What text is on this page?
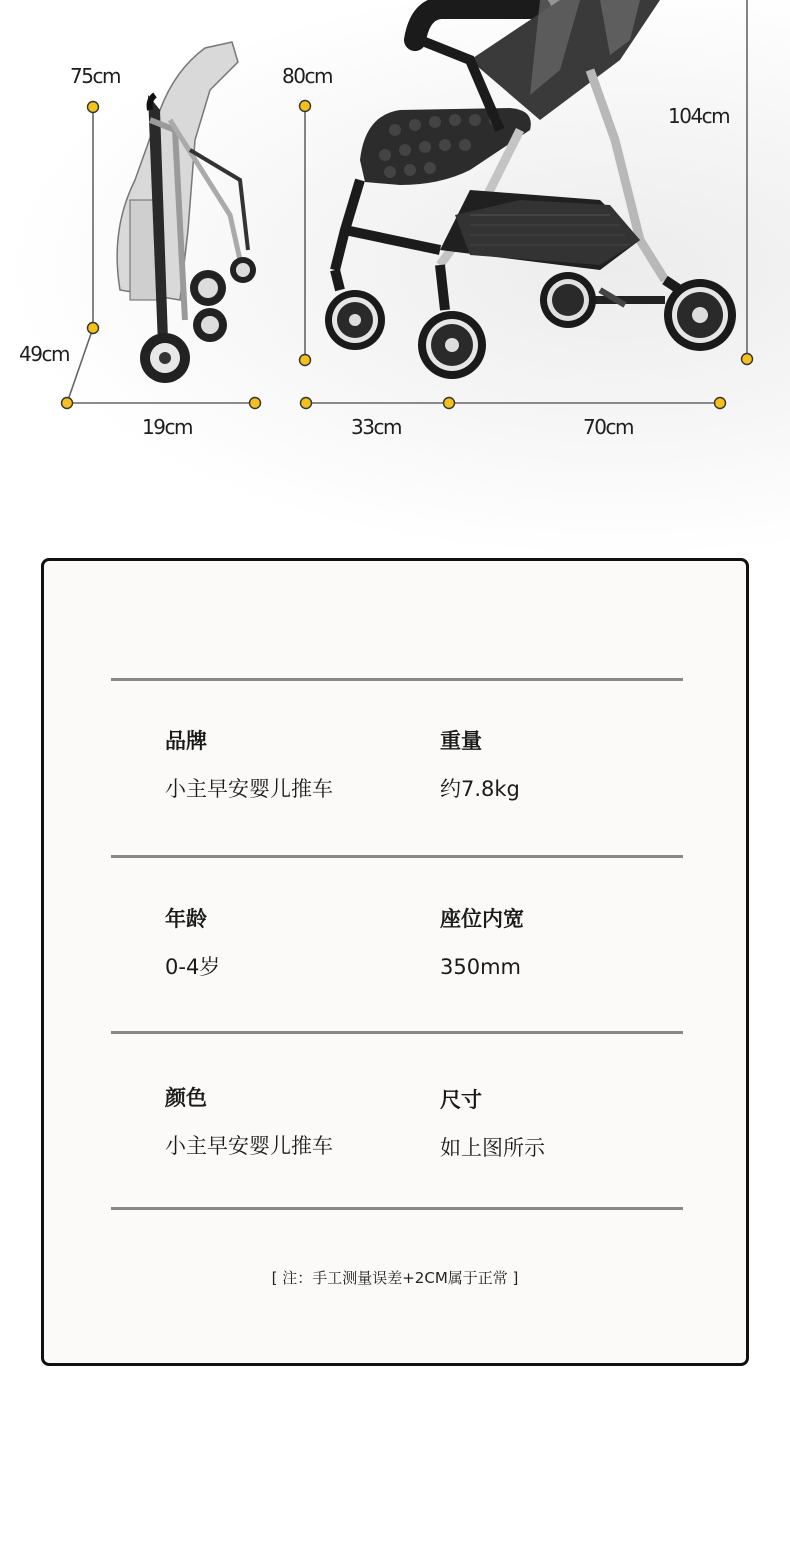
75cm	80cm
104cm
49cm
19cm	33cm	70cm
品牌
小主早安婴儿推车
重量
约7.8kg
年龄
0-4岁
座位内宽
350mm
颜色
小主早安婴儿推车
尺寸
如上图所示
[ 注：手工测量误差+2CM属于正常 ]
